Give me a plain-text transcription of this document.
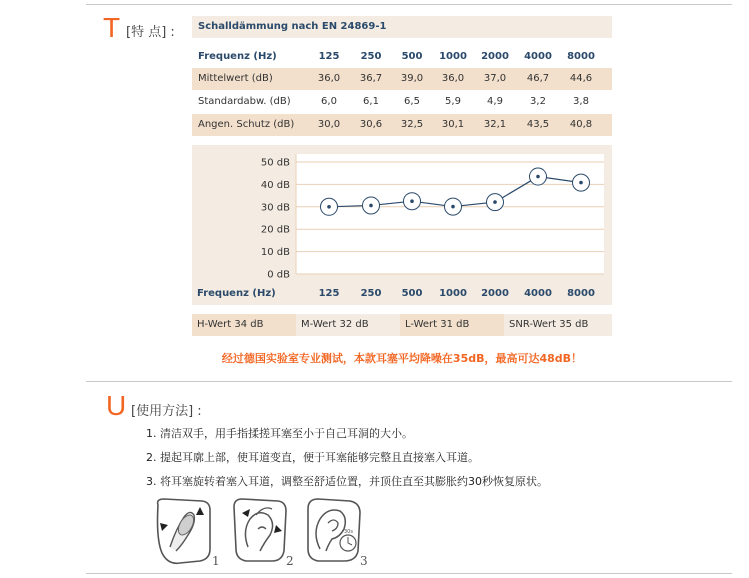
T [特 点] :	Schalldämmung nach EN 24869-1
Frequenz (Hz)	125	250	500	1000	2000	4000	8000
Mittelwert (dB)	36,0	36,7	39,0	36,0	37,0	46,7	44,6
Standardabw. (dB)	6,0	6,1	6,5	5,9	4,9	3,2	3,8
Angen. Schutz (dB)	30,0	30,6	32,5	30,1	32,1	43,5	40,8
0 dB
10 dB
20 dB
30 dB
40 dB
50 dB
125 250 500 1000 2000 4000 8000
Frequenz (Hz)
H-Wert 34 dB	M-Wert 32 dB	L-Wert 31 dB	SNR-Wert 35 dB
经过德国实验室专业测试，本款耳塞平均降噪在35dB，最高可达48dB！
U [使用方法] :
1. 清洁双手，用手指揉搓耳塞至小于自己耳洞的大小。
2. 提起耳廓上部，使耳道变直，便于耳塞能够完整且直接塞入耳道。
3. 将耳塞旋转着塞入耳道，调整至舒适位置，并顶住直至其膨胀约30秒恢复原状。
1	2
30s
3
